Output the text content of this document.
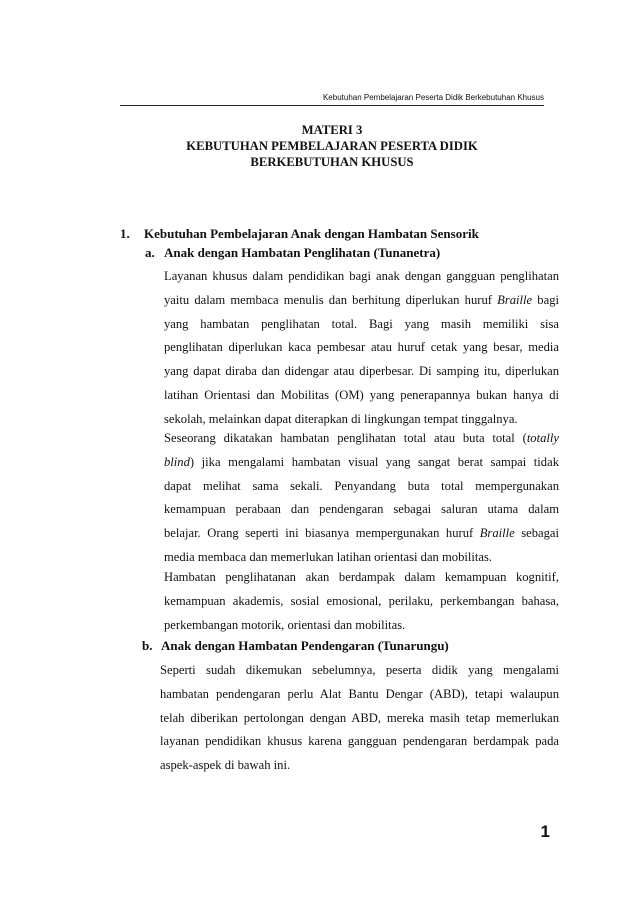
Kebutuhan Pembelajaran Peserta Didik Berkebutuhan Khusus
MATERI 3
KEBUTUHAN PEMBELAJARAN PESERTA DIDIK
BERKEBUTUHAN KHUSUS
1. Kebutuhan Pembelajaran Anak dengan Hambatan Sensorik
a. Anak dengan Hambatan Penglihatan (Tunanetra)
Layanan khusus dalam pendidikan bagi anak dengan gangguan penglihatan
yaitu dalam membaca menulis dan berhitung diperlukan huruf Braille bagi
yang hambatan penglihatan total. Bagi yang masih memiliki sisa
penglihatan diperlukan kaca pembesar atau huruf cetak yang besar, media
yang dapat diraba dan didengar atau diperbesar. Di samping itu, diperlukan
latihan Orientasi dan Mobilitas (OM) yang penerapannya bukan hanya di
sekolah, melainkan dapat diterapkan di lingkungan tempat tinggalnya.
Seseorang dikatakan hambatan penglihatan total atau buta total (totally
blind) jika mengalami hambatan visual yang sangat berat sampai tidak
dapat melihat sama sekali. Penyandang buta total mempergunakan
kemampuan perabaan dan pendengaran sebagai saluran utama dalam
belajar. Orang seperti ini biasanya mempergunakan huruf Braille sebagai
media membaca dan memerlukan latihan orientasi dan mobilitas.
Hambatan penglihatanan akan berdampak dalam kemampuan kognitif,
kemampuan akademis, sosial emosional, perilaku, perkembangan bahasa,
perkembangan motorik, orientasi dan mobilitas.
b. Anak dengan Hambatan Pendengaran (Tunarungu)
Seperti sudah dikemukan sebelumnya, peserta didik yang mengalami
hambatan pendengaran perlu Alat Bantu Dengar (ABD), tetapi walaupun
telah diberikan pertolongan dengan ABD, mereka masih tetap memerlukan
layanan pendidikan khusus karena gangguan pendengaran berdampak pada
aspek-aspek di bawah ini.
1
